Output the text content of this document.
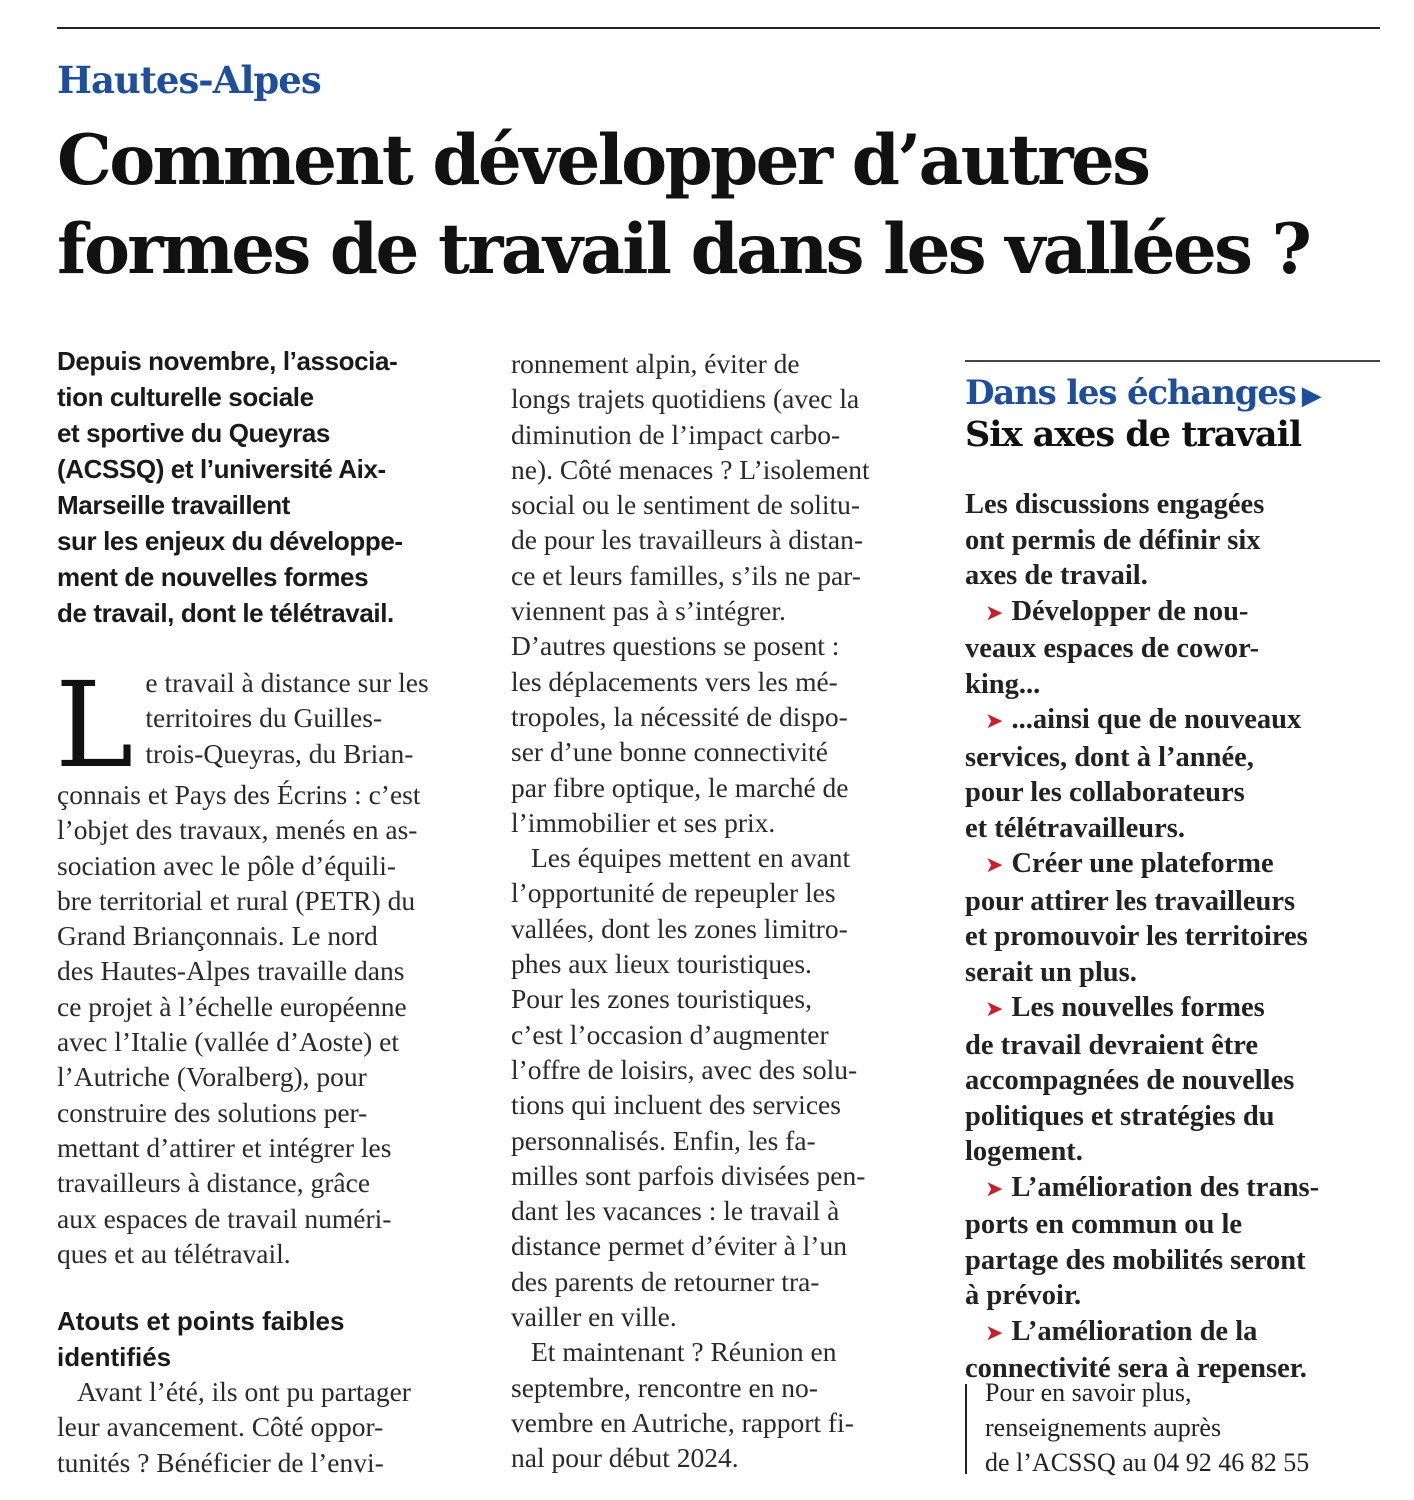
Hautes-Alpes
Comment développer d’autres
formes de travail dans les vallées ?
Depuis novembre, l’associa-
tion culturelle sociale
et sportive du Queyras
(ACSSQ) et l’université Aix-
Marseille travaillent
sur les enjeux du développe-
ment de nouvelles formes
de travail, dont le télétravail.
L e travail à distance sur les
territoires du Guilles-
trois-Queyras, du Brian-
çonnais et Pays des Écrins : c’est
l’objet des travaux, menés en as-
sociation avec le pôle d’équili-
bre territorial et rural (PETR) du
Grand Briançonnais. Le nord
des Hautes-Alpes travaille dans
ce projet à l’échelle européenne
avec l’Italie (vallée d’Aoste) et
l’Autriche (Voralberg), pour
construire des solutions per-
mettant d’attirer et intégrer les
travailleurs à distance, grâce
aux espaces de travail numéri-
ques et au télétravail.
Atouts et points faibles
identifiés
Avant l’été, ils ont pu partager
leur avancement. Côté oppor-
tunités ? Bénéficier de l’envi-
ronnement alpin, éviter de
longs trajets quotidiens (avec la
diminution de l’impact carbo-
ne). Côté menaces ? L’isolement
social ou le sentiment de solitu-
de pour les travailleurs à distan-
ce et leurs familles, s’ils ne par-
viennent pas à s’intégrer.
D’autres questions se posent :
les déplacements vers les mé-
tropoles, la nécessité de dispo-
ser d’une bonne connectivité
par fibre optique, le marché de
l’immobilier et ses prix.
Les équipes mettent en avant
l’opportunité de repeupler les
vallées, dont les zones limitro-
phes aux lieux touristiques.
Pour les zones touristiques,
c’est l’occasion d’augmenter
l’offre de loisirs, avec des solu-
tions qui incluent des services
personnalisés. Enfin, les fa-
milles sont parfois divisées pen-
dant les vacances : le travail à
distance permet d’éviter à l’un
des parents de retourner tra-
vailler en ville.
Et maintenant ? Réunion en
septembre, rencontre en no-
vembre en Autriche, rapport fi-
nal pour début 2024.
Dans les échanges ▶
Six axes de travail
Les discussions engagées
ont permis de définir six
axes de travail.
➤ Développer de nou-
veaux espaces de cowor-
king...
➤ ...ainsi que de nouveaux
services, dont à l’année,
pour les collaborateurs
et télétravailleurs.
➤ Créer une plateforme
pour attirer les travailleurs
et promouvoir les territoires
serait un plus.
➤ Les nouvelles formes
de travail devraient être
accompagnées de nouvelles
politiques et stratégies du
logement.
➤ L’amélioration des trans-
ports en commun ou le
partage des mobilités seront
à prévoir.
➤ L’amélioration de la
connectivité sera à repenser.
Pour en savoir plus,
renseignements auprès
de l’ACSSQ au 04 92 46 82 55
